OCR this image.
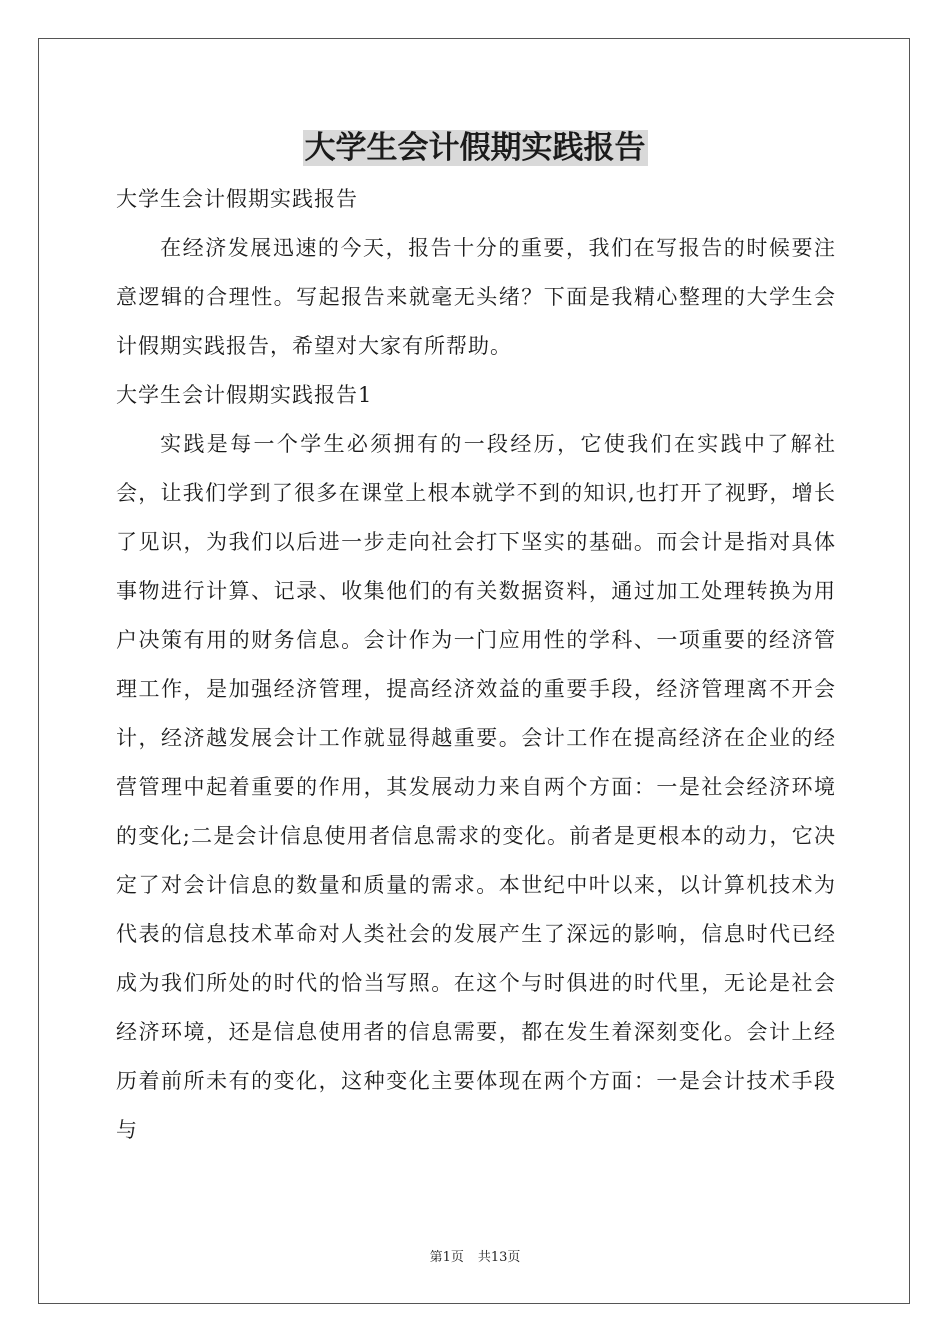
大学生会计假期实践报告

大学生会计假期实践报告

在经济发展迅速的今天，报告十分的重要，我们在写报告的时候要注意逻辑的合理性。写起报告来就毫无头绪？下面是我精心整理的大学生会计假期实践报告，希望对大家有所帮助。

大学生会计假期实践报告1

实践是每一个学生必须拥有的一段经历，它使我们在实践中了解社会，让我们学到了很多在课堂上根本就学不到的知识,也打开了视野，增长了见识，为我们以后进一步走向社会打下坚实的基础。而会计是指对具体事物进行计算、记录、收集他们的有关数据资料，通过加工处理转换为用户决策有用的财务信息。会计作为一门应用性的学科、一项重要的经济管理工作，是加强经济管理，提高经济效益的重要手段，经济管理离不开会计，经济越发展会计工作就显得越重要。会计工作在提高经济在企业的经营管理中起着重要的作用，其发展动力来自两个方面：一是社会经济环境的变化;二是会计信息使用者信息需求的变化。前者是更根本的动力，它决定了对会计信息的数量和质量的需求。本世纪中叶以来，以计算机技术为代表的信息技术革命对人类社会的发展产生了深远的影响，信息时代已经成为我们所处的时代的恰当写照。在这个与时俱进的时代里，无论是社会经济环境，还是信息使用者的信息需要，都在发生着深刻变化。会计上经历着前所未有的变化，这种变化主要体现在两个方面：一是会计技术手段与

第1页 共13页
